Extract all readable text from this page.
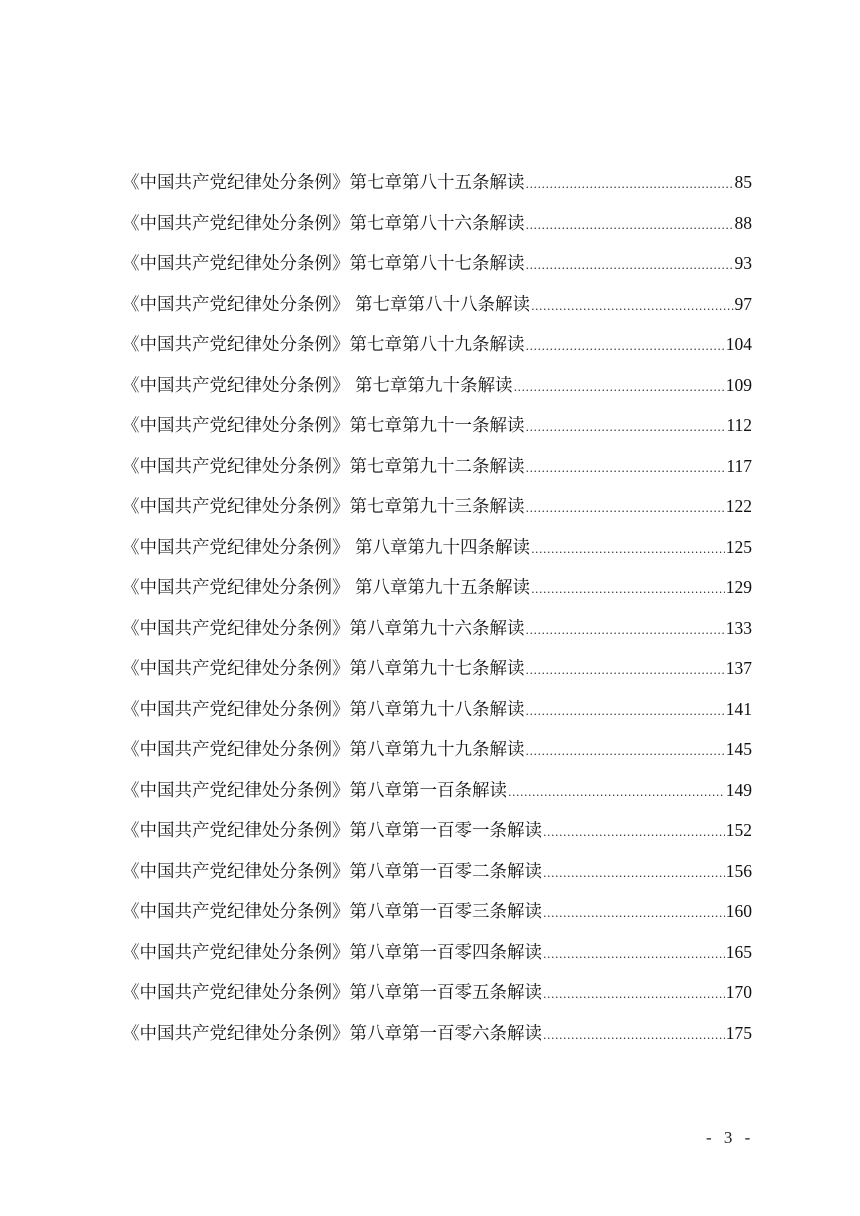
《中国共产党纪律处分条例》第七章第八十五条解读 .....	85
《中国共产党纪律处分条例》第七章第八十六条解读 .....	88
《中国共产党纪律处分条例》第七章第八十七条解读 .....	93
《中国共产党纪律处分条例》 第七章第八十八条解读 .....	97
《中国共产党纪律处分条例》第七章第八十九条解读 .....	104
《中国共产党纪律处分条例》 第七章第九十条解读 .....	109
《中国共产党纪律处分条例》第七章第九十一条解读 .....	112
《中国共产党纪律处分条例》第七章第九十二条解读 .....	117
《中国共产党纪律处分条例》第七章第九十三条解读 .....	122
《中国共产党纪律处分条例》 第八章第九十四条解读 .....	125
《中国共产党纪律处分条例》 第八章第九十五条解读 .....	129
《中国共产党纪律处分条例》第八章第九十六条解读 .....	133
《中国共产党纪律处分条例》第八章第九十七条解读 .....	137
《中国共产党纪律处分条例》第八章第九十八条解读 .....	141
《中国共产党纪律处分条例》第八章第九十九条解读 .....	145
《中国共产党纪律处分条例》第八章第一百条解读 .....	149
《中国共产党纪律处分条例》第八章第一百零一条解读 .....	152
《中国共产党纪律处分条例》第八章第一百零二条解读 .....	156
《中国共产党纪律处分条例》第八章第一百零三条解读 .....	160
《中国共产党纪律处分条例》第八章第一百零四条解读 .....	165
《中国共产党纪律处分条例》第八章第一百零五条解读 .....	170
《中国共产党纪律处分条例》第八章第一百零六条解读 .....	175
- 3 -
